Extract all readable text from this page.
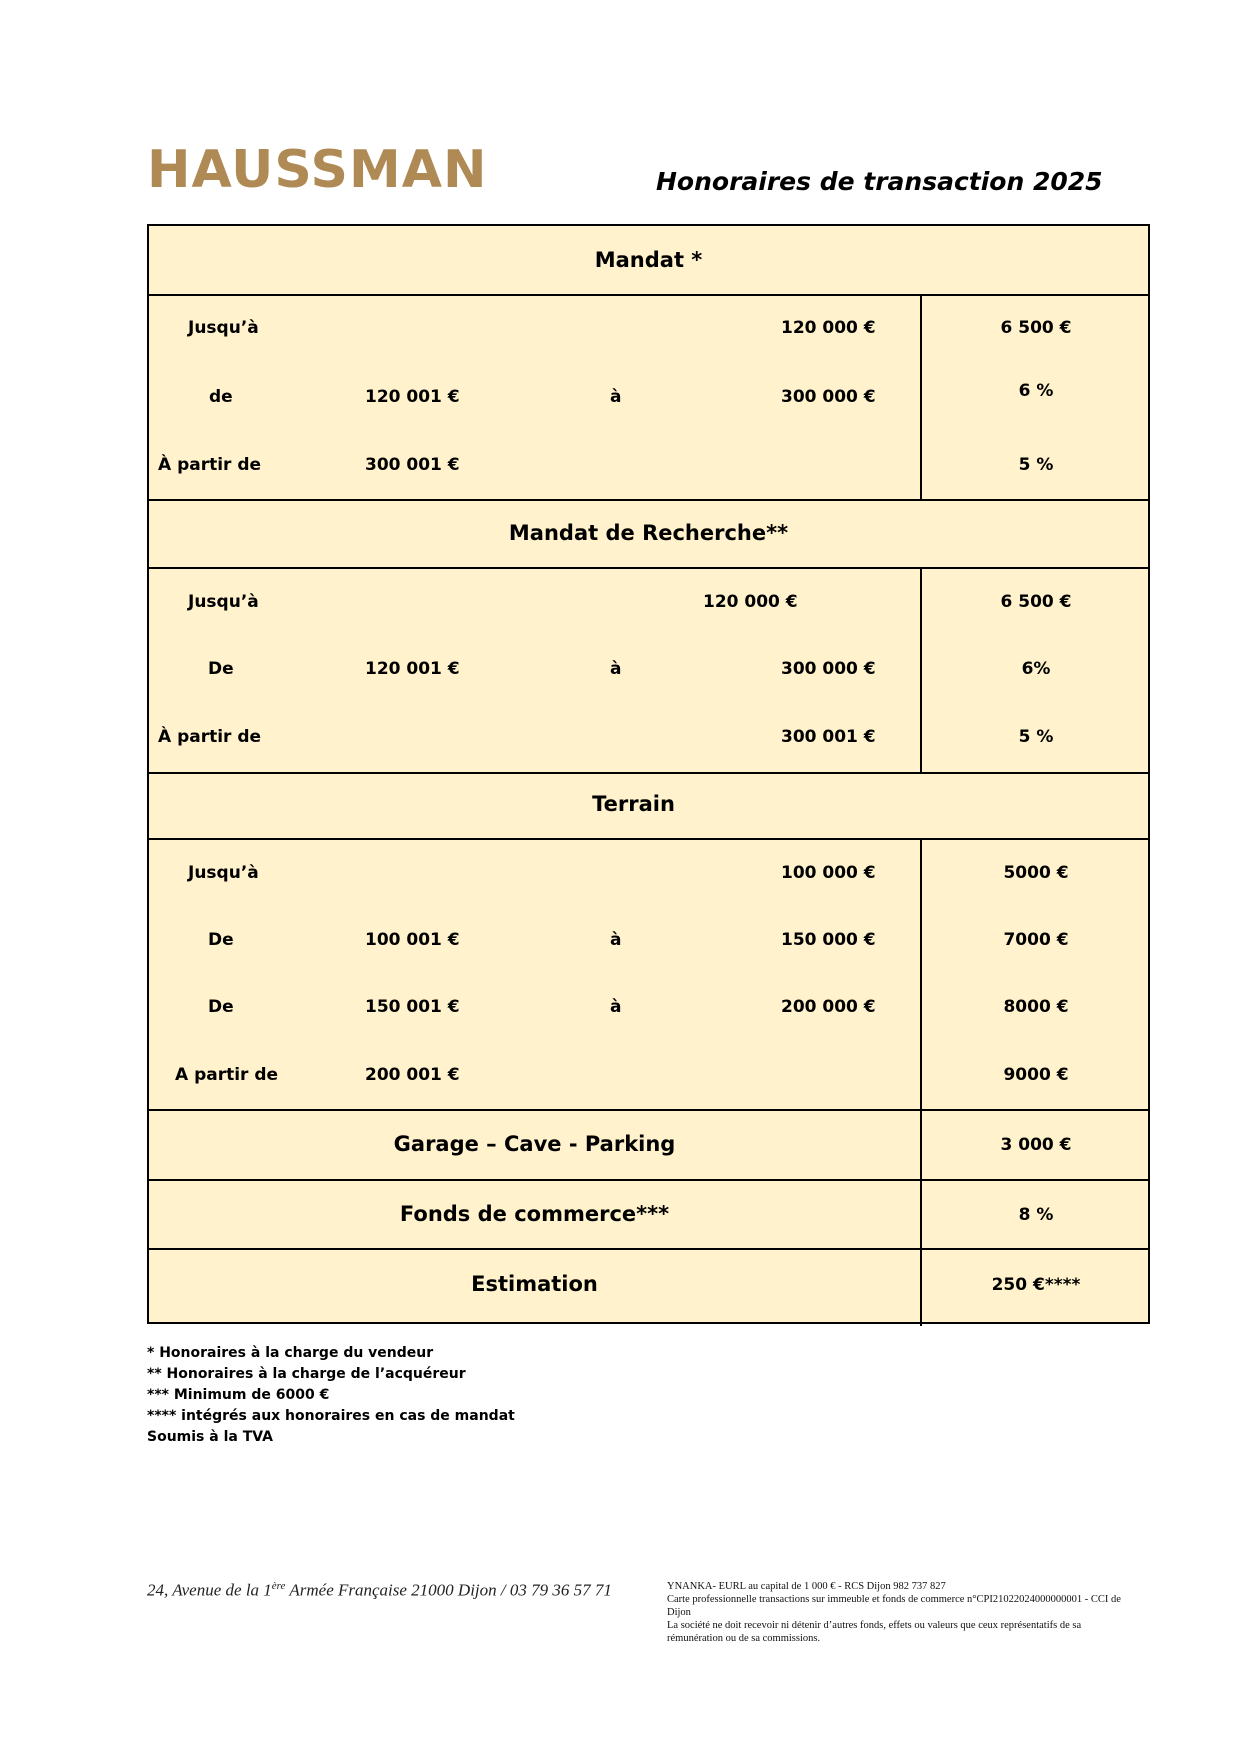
HAUSSMAN	Honoraires de transaction 2025
Mandat *
Jusqu’à	120 000 €	6 500 €
de	120 001 €	à	300 000 €	6 %
À partir de	300 001 €	5 %
Mandat de Recherche**
Jusqu’à	120 000 €	6 500 €
De	120 001 €	à	300 000 €	6%
À partir de	300 001 €	5 %
Terrain
Jusqu’à	100 000 €	5000 €
De	100 001 €	à	150 000 €	7000 €
De	150 001 €	à	200 000 €	8000 €
A partir de	200 001 €	9000 €
Garage – Cave - Parking	3 000 €
Fonds de commerce***	8 %
Estimation	250 €****
* Honoraires à la charge du vendeur
** Honoraires à la charge de l’acquéreur
*** Minimum de 6000 €
**** intégrés aux honoraires en cas de mandat
Soumis à la TVA
24, Avenue de la 1ère Armée Française 21000 Dijon / 03 79 36 57 71	YNANKA- EURL au capital de 1 000 € - RCS Dijon 982 737 827
Carte professionnelle transactions sur immeuble et fonds de commerce n°CPI21022024000000001 - CCI de Dijon
La société ne doit recevoir ni détenir d’autres fonds, effets ou valeurs que ceux représentatifs de sa rémunération ou de sa commissions.
